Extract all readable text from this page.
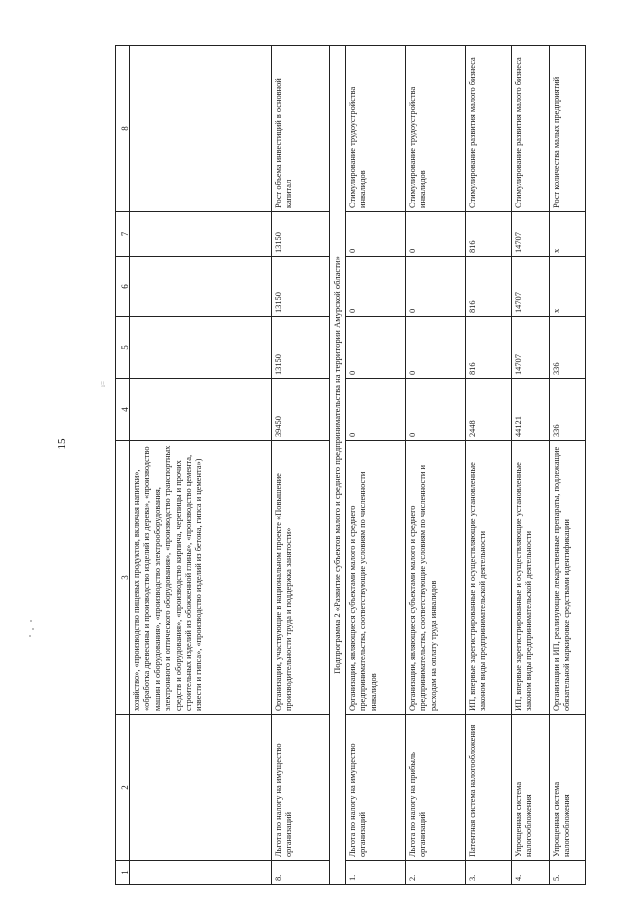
15
ı=
1
2
3
4
5
6
7
8
хозяйство», «производство пищевых продуктов, включая напитки», «обработка древесины и производство изделий из дерева», «производство машин и оборудования», «производство электрооборудования, электронного и оптического оборудования», «производство транспортных средств и оборудования», «производство кирпича, черепицы и прочих строительных изделий из обожженной глины», «производство цемента, извести и гипса», «производство изделий из бетона, гипса и цемента»)
8.
Льгота по налогу на имущество организаций
Организации, участвующие в национальном проекте «Повышение производительности труда и поддержка занятости»
39450
13150
13150
13150
Рост объема инвестиций в основной капитал
Подпрограмма 2 «Развитие субъектов малого и среднего предпринимательства на территории Амурской области»
1.
Льгота по налогу на имущество организаций
Организации, являющиеся субъектами малого и среднего предпринимательства, соответствующие условиям по численности инвалидов
0
0
0
0
Стимулирование трудоустройства инвалидов
2.
Льгота по налогу на прибыль организаций
Организации, являющиеся субъектами малого и среднего предпринимательства, соответствующие условиям по численности и расходам на оплату труда инвалидов
0
0
0
0
Стимулирование трудоустройства инвалидов
3.
Патентная система налогообложения
ИП, впервые зарегистрированные и осуществляющие установленные законом виды предпринимательской деятельности
2448
816
816
816
Стимулирование развития малого бизнеса
4.
Упрощенная система налогообложения
ИП, впервые зарегистрированные и осуществляющие установленные законом виды предпринимательской деятельности
44121
14707
14707
14707
Стимулирование развития малого бизнеса
5.
Упрощенная система налогообложения
Организации и ИП, реализующие лекарственные препараты, подлежащие обязательной маркировке средствами идентификации
336
336
x
x
Рост количества малых предприятий
